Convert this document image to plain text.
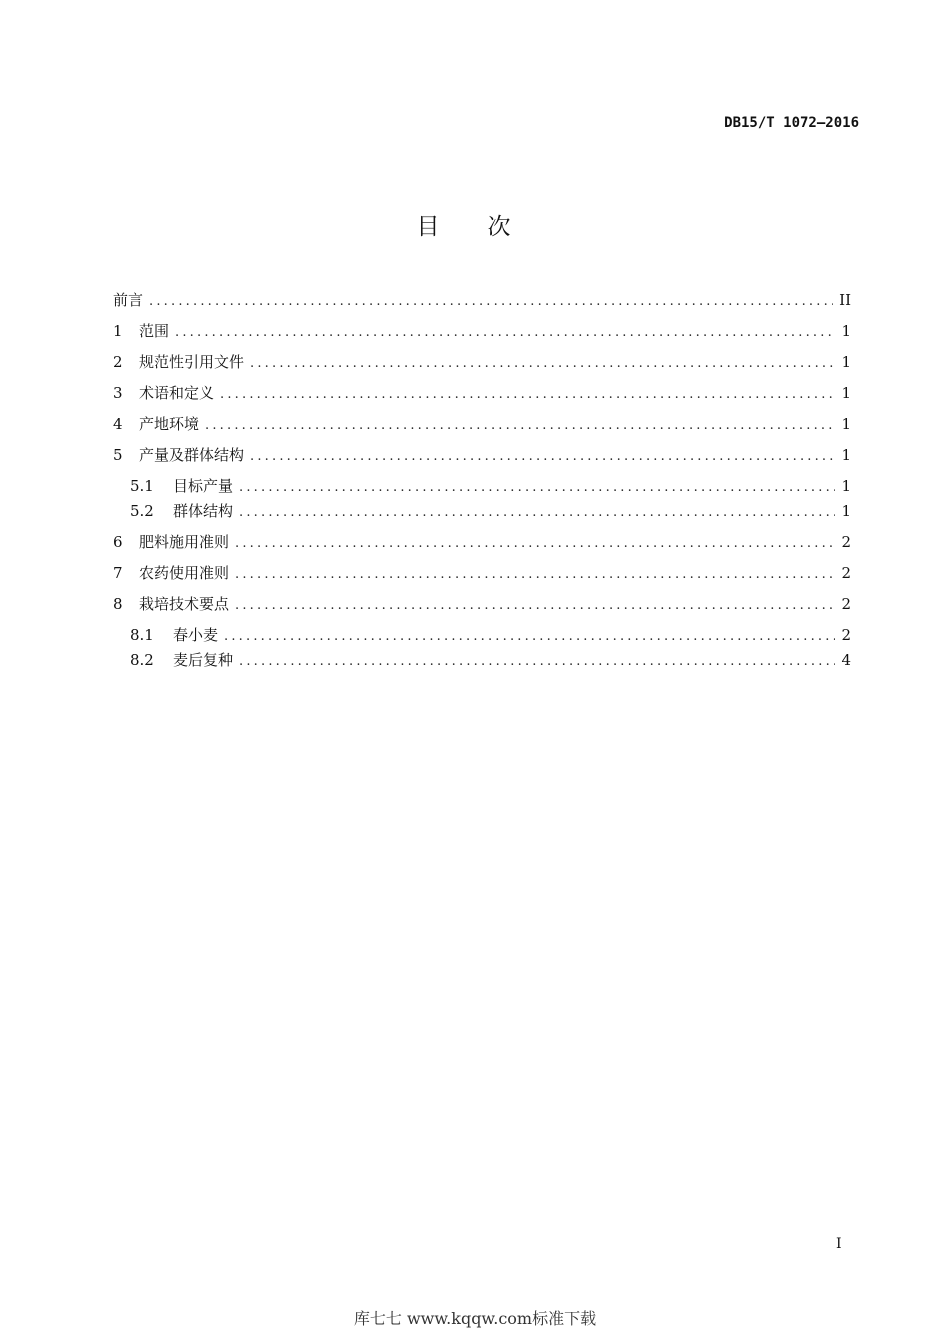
DB15/T 1072—2016
目次
前言 .....	II
1	范围 .....	1
2	规范性引用文件 .....	1
3	术语和定义 .....	1
4	产地环境 .....	1
5	产量及群体结构 .....	1
5.1	目标产量 .....	1
5.2	群体结构 .....	1
6	肥料施用准则 .....	2
7	农药使用准则 .....	2
8	栽培技术要点 .....	2
8.1	春小麦 .....	2
8.2	麦后复种 .....	4
I
库七七 www.kqqw.com标准下载
